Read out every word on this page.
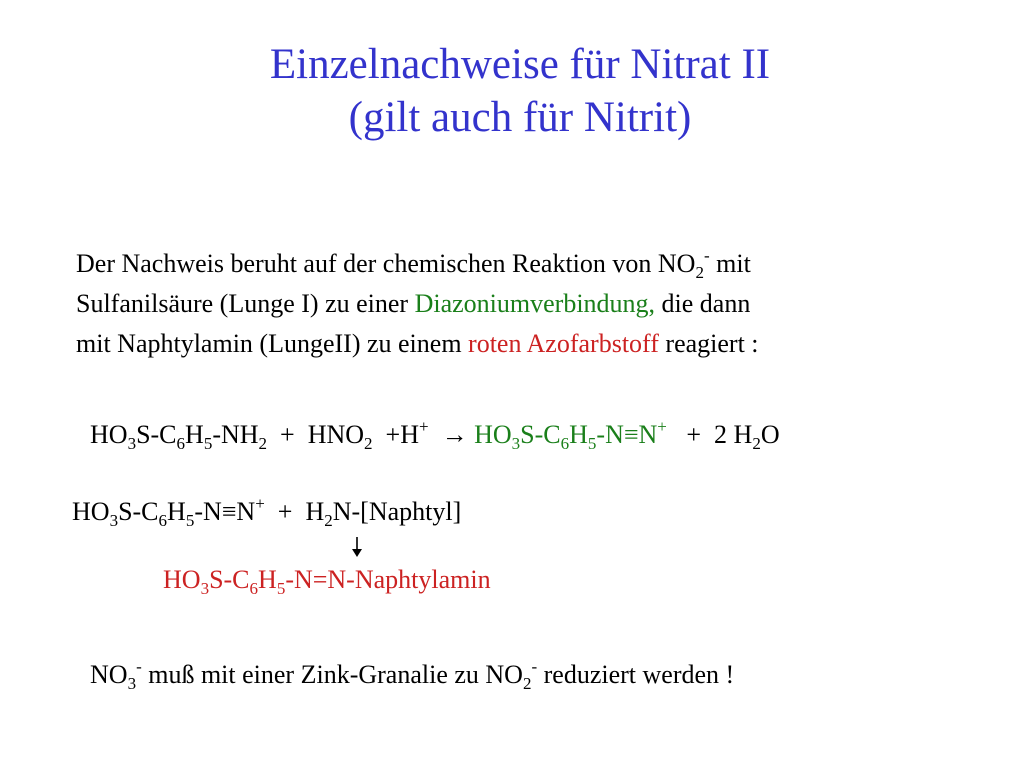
Einzelnachweise für Nitrat II
(gilt auch für Nitrit)
Der Nachweis beruht auf der chemischen Reaktion von $NO_2^-$ mit
Sulfanilsäure (Lunge I) zu einer Diazoniumverbindung, die dann
mit Naphtylamin (LungeII) zu einem roten Azofarbstoff reagiert :
$HO_3S-C_6H_5-NH_2 + HNO_2 +H^+ \to HO_3S-C_6H_5-N\equiv N^+ + 2$ $H_2O$
$HO_3S-C_6H_5-N\equiv N^+$ + $H_2N-[Naphtyl]$
$HO_3S-C_6H_5-N=N$-Naphtylamin
$NO_3^-$ muß mit einer Zink-Granalie zu $NO_2^-$ reduziert werden !
